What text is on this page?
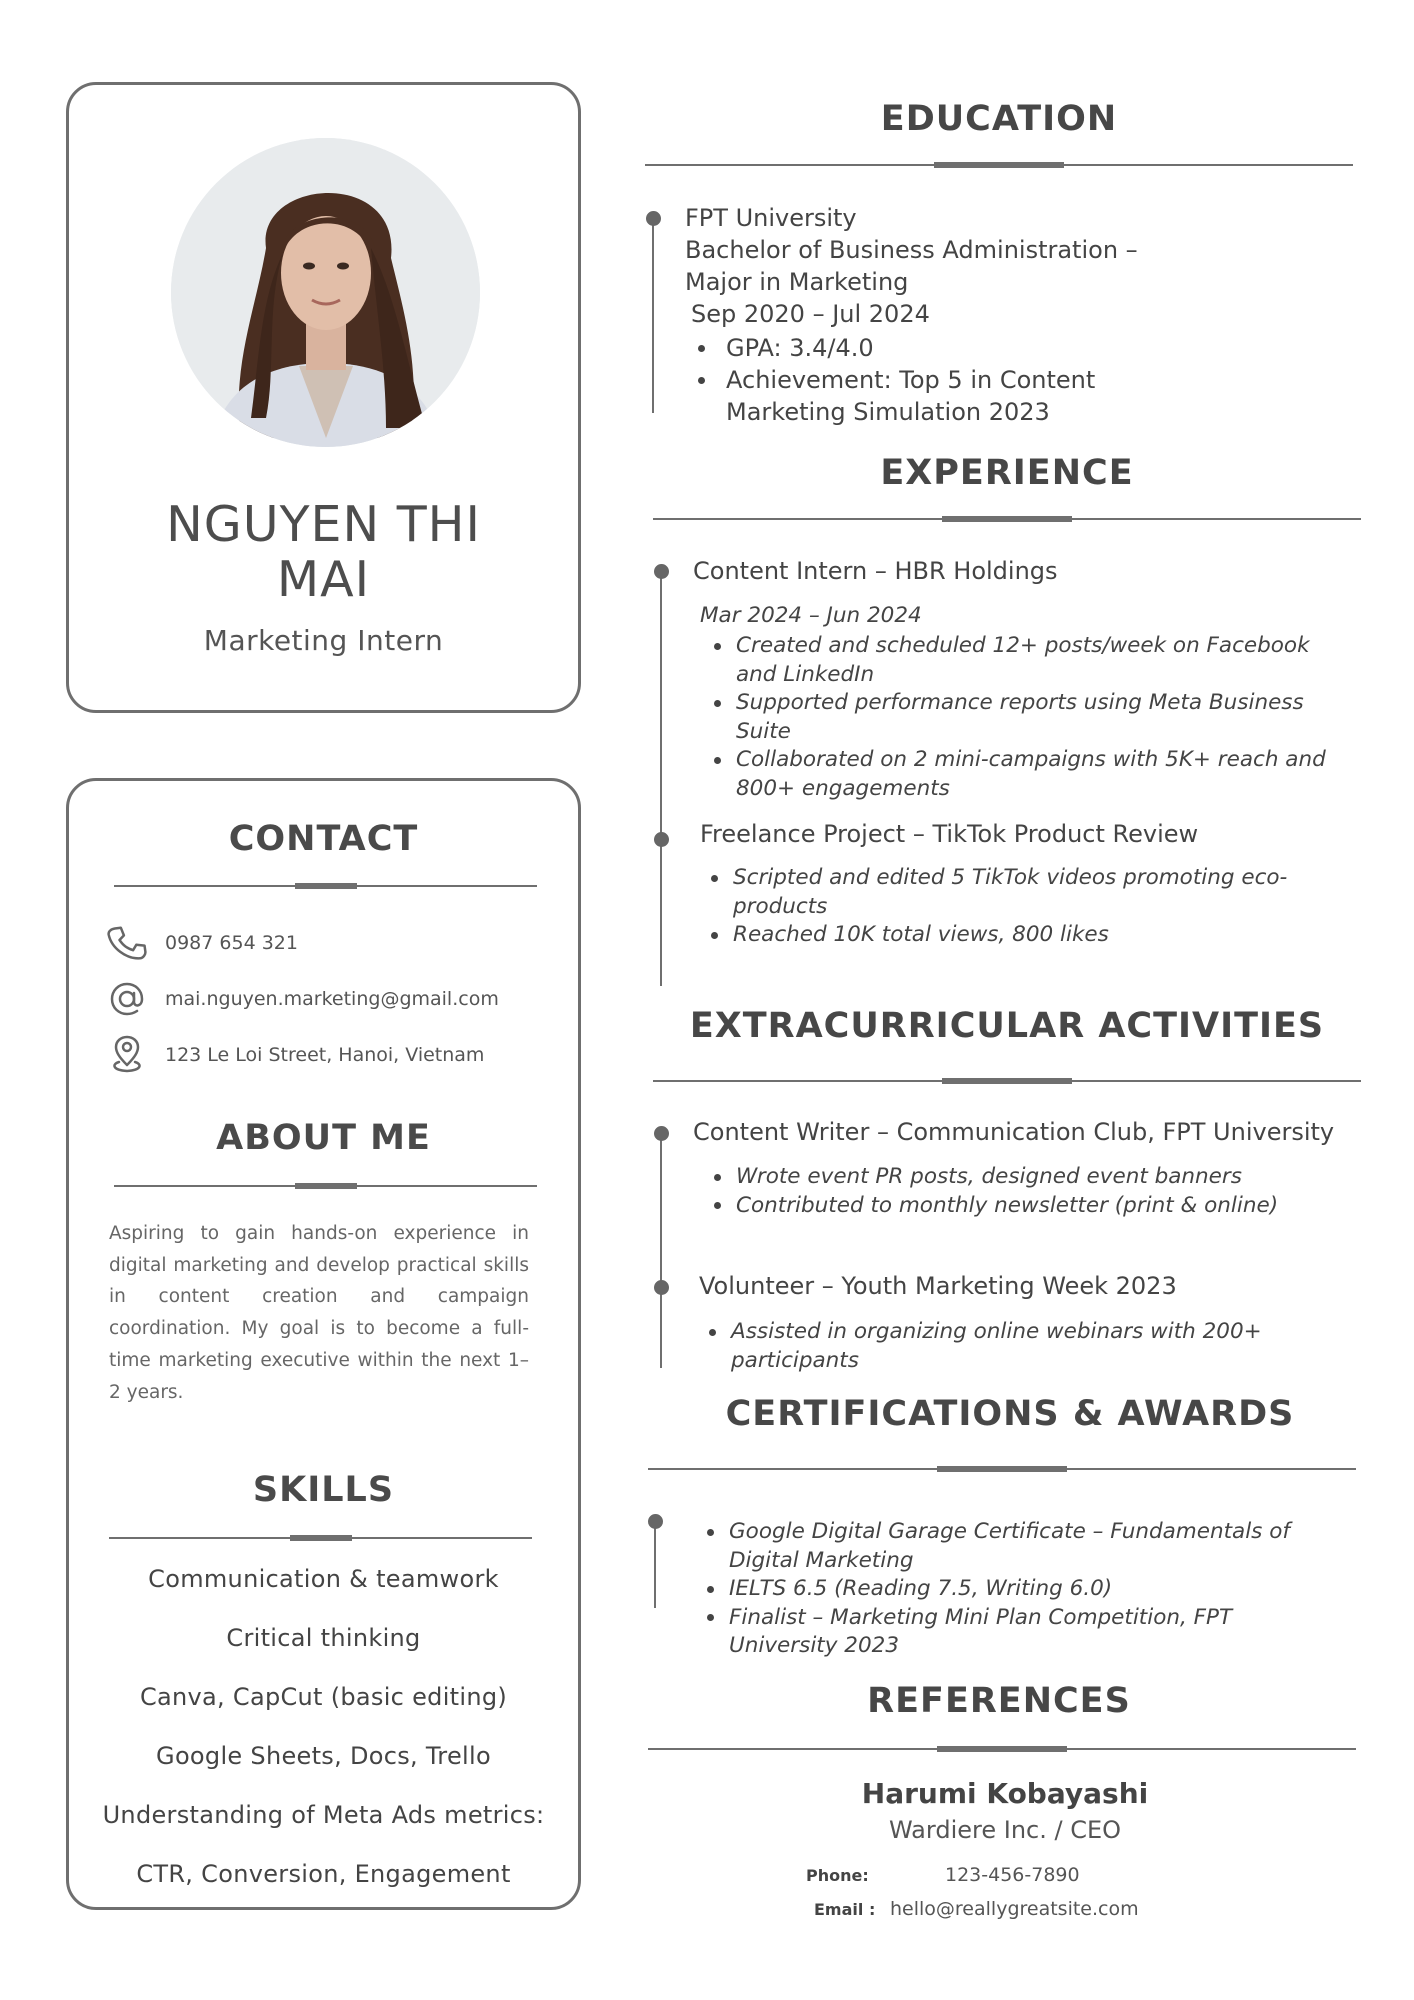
NGUYEN THI
MAI
Marketing Intern
CONTACT
0987 654 321
mai.nguyen.marketing@gmail.com
123 Le Loi Street, Hanoi, Vietnam
ABOUT ME
Aspiring to gain hands-on experience in digital marketing and develop practical skills in content creation and campaign coordination. My goal is to become a full-time marketing executive within the next 1–2 years.
SKILLS
Communication & teamwork
Critical thinking
Canva, CapCut (basic editing)
Google Sheets, Docs, Trello
Understanding of Meta Ads metrics:
CTR, Conversion, Engagement
EDUCATION
FPT University
Bachelor of Business Administration –
Major in Marketing
Sep 2020 – Jul 2024
GPA: 3.4/4.0
Achievement: Top 5 in Content Marketing Simulation 2023
EXPERIENCE
Content Intern – HBR Holdings
Mar 2024 – Jun 2024
Created and scheduled 12+ posts/week on Facebook and LinkedIn
Supported performance reports using Meta Business Suite
Collaborated on 2 mini-campaigns with 5K+ reach and 800+ engagements
Freelance Project – TikTok Product Review
Scripted and edited 5 TikTok videos promoting eco-products
Reached 10K total views, 800 likes
EXTRACURRICULAR ACTIVITIES
Content Writer – Communication Club, FPT University
Wrote event PR posts, designed event banners
Contributed to monthly newsletter (print & online)
Volunteer – Youth Marketing Week 2023
Assisted in organizing online webinars with 200+ participants
CERTIFICATIONS & AWARDS
Google Digital Garage Certificate – Fundamentals of Digital Marketing
IELTS 6.5 (Reading 7.5, Writing 6.0)
Finalist – Marketing Mini Plan Competition, FPT University 2023
REFERENCES
Harumi Kobayashi
Wardiere Inc. / CEO
Phone:	123-456-7890
Email : hello@reallygreatsite.com
